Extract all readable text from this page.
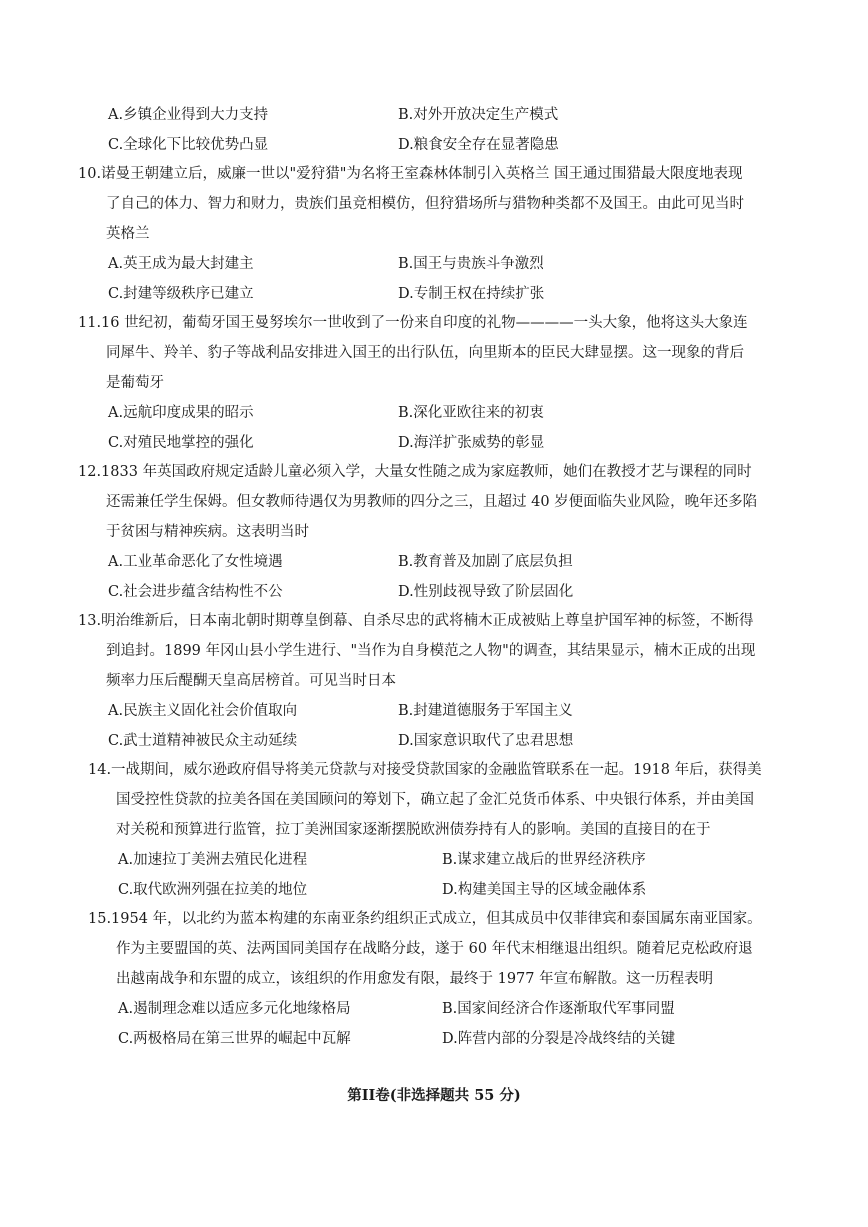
A.乡镇企业得到大力支持	B.对外开放决定生产模式
C.全球化下比较优势凸显	D.粮食安全存在显著隐患
10.诺曼王朝建立后，威廉一世以"爱狩猎"为名将王室森林体制引入英格兰 国王通过围猎最大限度地表现
了自己的体力、智力和财力，贵族们虽竞相模仿，但狩猎场所与猎物种类都不及国王。由此可见当时
英格兰
A.英王成为最大封建主	B.国王与贵族斗争激烈
C.封建等级秩序已建立	D.专制王权在持续扩张
11.16 世纪初，葡萄牙国王曼努埃尔一世收到了一份来自印度的礼物————一头大象，他将这头大象连
同犀牛、羚羊、豹子等战利品安排进入国王的出行队伍，向里斯本的臣民大肆显摆。这一现象的背后
是葡萄牙
A.远航印度成果的昭示	B.深化亚欧往来的初衷
C.对殖民地掌控的强化	D.海洋扩张威势的彰显
12.1833 年英国政府规定适龄儿童必须入学，大量女性随之成为家庭教师，她们在教授才艺与课程的同时
还需兼任学生保姆。但女教师待遇仅为男教师的四分之三，且超过 40 岁便面临失业风险，晚年还多陷
于贫困与精神疾病。这表明当时
A.工业革命恶化了女性境遇	B.教育普及加剧了底层负担
C.社会进步蕴含结构性不公	D.性别歧视导致了阶层固化
13.明治维新后，日本南北朝时期尊皇倒幕、自杀尽忠的武将楠木正成被贴上尊皇护国军神的标签，不断得
到追封。1899 年冈山县小学生进行、"当作为自身模范之人物"的调查，其结果显示，楠木正成的出现
频率力压后醍醐天皇高居榜首。可见当时日本
A.民族主义固化社会价值取向	B.封建道德服务于军国主义
C.武士道精神被民众主动延续	D.国家意识取代了忠君思想
14.一战期间，威尔逊政府倡导将美元贷款与对接受贷款国家的金融监管联系在一起。1918 年后，获得美
国受控性贷款的拉美各国在美国顾问的筹划下，确立起了金汇兑货币体系、中央银行体系，并由美国
对关税和预算进行监管，拉丁美洲国家逐渐摆脱欧洲债券持有人的影响。美国的直接目的在于
A.加速拉丁美洲去殖民化进程	B.谋求建立战后的世界经济秩序
C.取代欧洲列强在拉美的地位	D.构建美国主导的区域金融体系
15.1954 年，以北约为蓝本构建的东南亚条约组织正式成立，但其成员中仅菲律宾和泰国属东南亚国家。
作为主要盟国的英、法两国同美国存在战略分歧，遂于 60 年代末相继退出组织。随着尼克松政府退
出越南战争和东盟的成立，该组织的作用愈发有限，最终于 1977 年宣布解散。这一历程表明
A.遏制理念难以适应多元化地缘格局	B.国家间经济合作逐渐取代军事同盟
C.两极格局在第三世界的崛起中瓦解	D.阵营内部的分裂是冷战终结的关键
第II卷(非选择题共 55 分)
